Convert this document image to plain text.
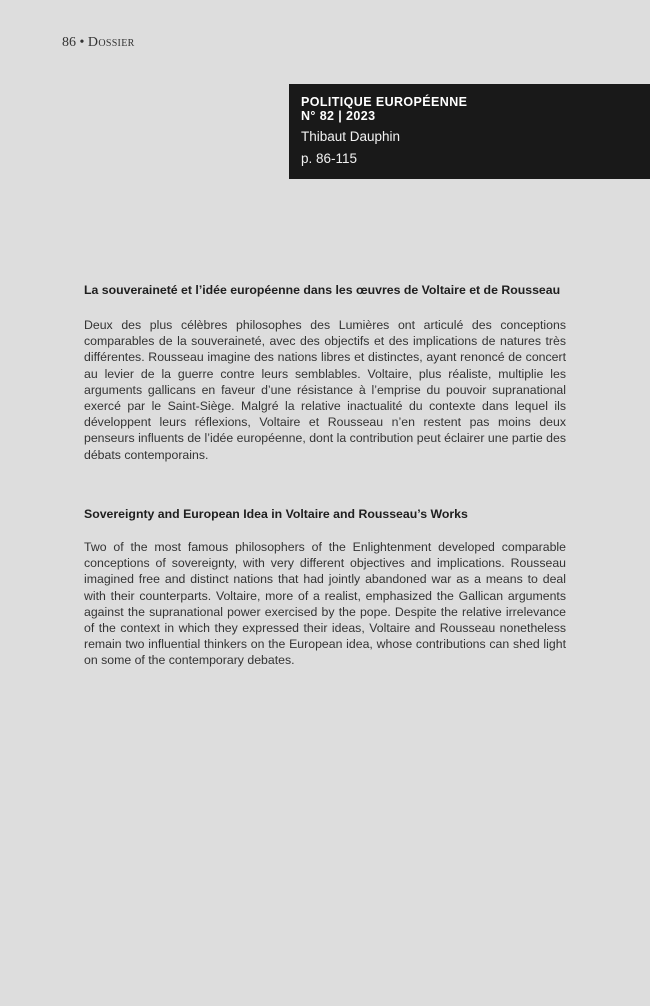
86 • Dossier
POLITIQUE EUROPÉENNE
N° 82 | 2023
Thibaut Dauphin
p. 86-115

La souveraineté et l’idée européenne dans les œuvres de Voltaire et de Rousseau

Deux des plus célèbres philosophes des Lumières ont articulé des conceptions comparables de la souveraineté, avec des objectifs et des implications de natures très différentes. Rousseau imagine des nations libres et distinctes, ayant renoncé de concert au levier de la guerre contre leurs semblables. Voltaire, plus réaliste, multiplie les arguments gallicans en faveur d’une résistance à l’emprise du pouvoir supranational exercé par le Saint-Siège. Malgré la relative inactualité du contexte dans lequel ils développent leurs réflexions, Voltaire et Rousseau n’en restent pas moins deux penseurs influents de l’idée européenne, dont la contribution peut éclairer une partie des débats contemporains.

Sovereignty and European Idea in Voltaire and Rousseau’s Works

Two of the most famous philosophers of the Enlightenment developed comparable conceptions of sovereignty, with very different objectives and implications. Rousseau imagined free and distinct nations that had jointly abandoned war as a means to deal with their counterparts. Voltaire, more of a realist, emphasized the Gallican arguments against the supranational power exercised by the pope. Despite the relative irrelevance of the context in which they expressed their ideas, Voltaire and Rousseau nonetheless remain two influential thinkers on the European idea, whose contributions can shed light on some of the contemporary debates.
